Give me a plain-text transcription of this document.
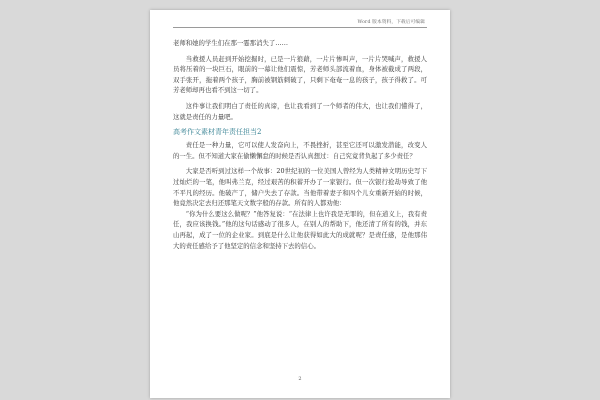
Word 版本资料，下载后可编辑

老师和她的学生们在那一霎那消失了……

当救援人员赶到开始挖掘时，已是一片狼藉，一片片惨叫声，一片片哭喊声，救援人员将压着的一块巨石，眼前的一幕让他们震惊，芳老师头部流着血，身体被截成了两段，双手张开，拖着两个孩子，胸前被钢筋刺破了，只剩下奄奄一息的孩子，孩子得救了。可芳老师却再也看不到这一切了。

这件事让我们明白了责任的真谛，也让我看到了一个师者的伟大，也让我们懂得了，这就是责任的力量吧。

高考作文素材青年责任担当2

责任是一种力量，它可以使人发奋向上，不畏挫折，甚至它还可以激发潜能，改变人的一生。但不知道大家在偷懒懈怠的时候是否认真想过：自己究竟背负起了多少责任？

大家是否听到过这样一个故事：20世纪初的一位美国人曾经为人类精神文明历史写下过灿烂的一笔，他叫弗兰克，经过艰苦的积蓄开办了一家银行。但一次银行抢劫导致了他不平凡的经历。他破产了，储户失去了存款。当他带着妻子和四个儿女重新开始的时候，他竟然决定去归还那笔天文数字般的存款。所有的人都劝他：

“你为什么要这么做呢？”他答复说：“在法律上也许我是无罪的，但在道义上，我有责任，我应该换钱。”他的这句话感动了很多人，在别人的帮助下，他还清了所有的钱，并东山再起，成了一位的企业家。到底是什么让他获得如此大的成就呢？是责任感，是他那伟大的责任感给予了他坚定的信念和坚持下去的信心。

2
